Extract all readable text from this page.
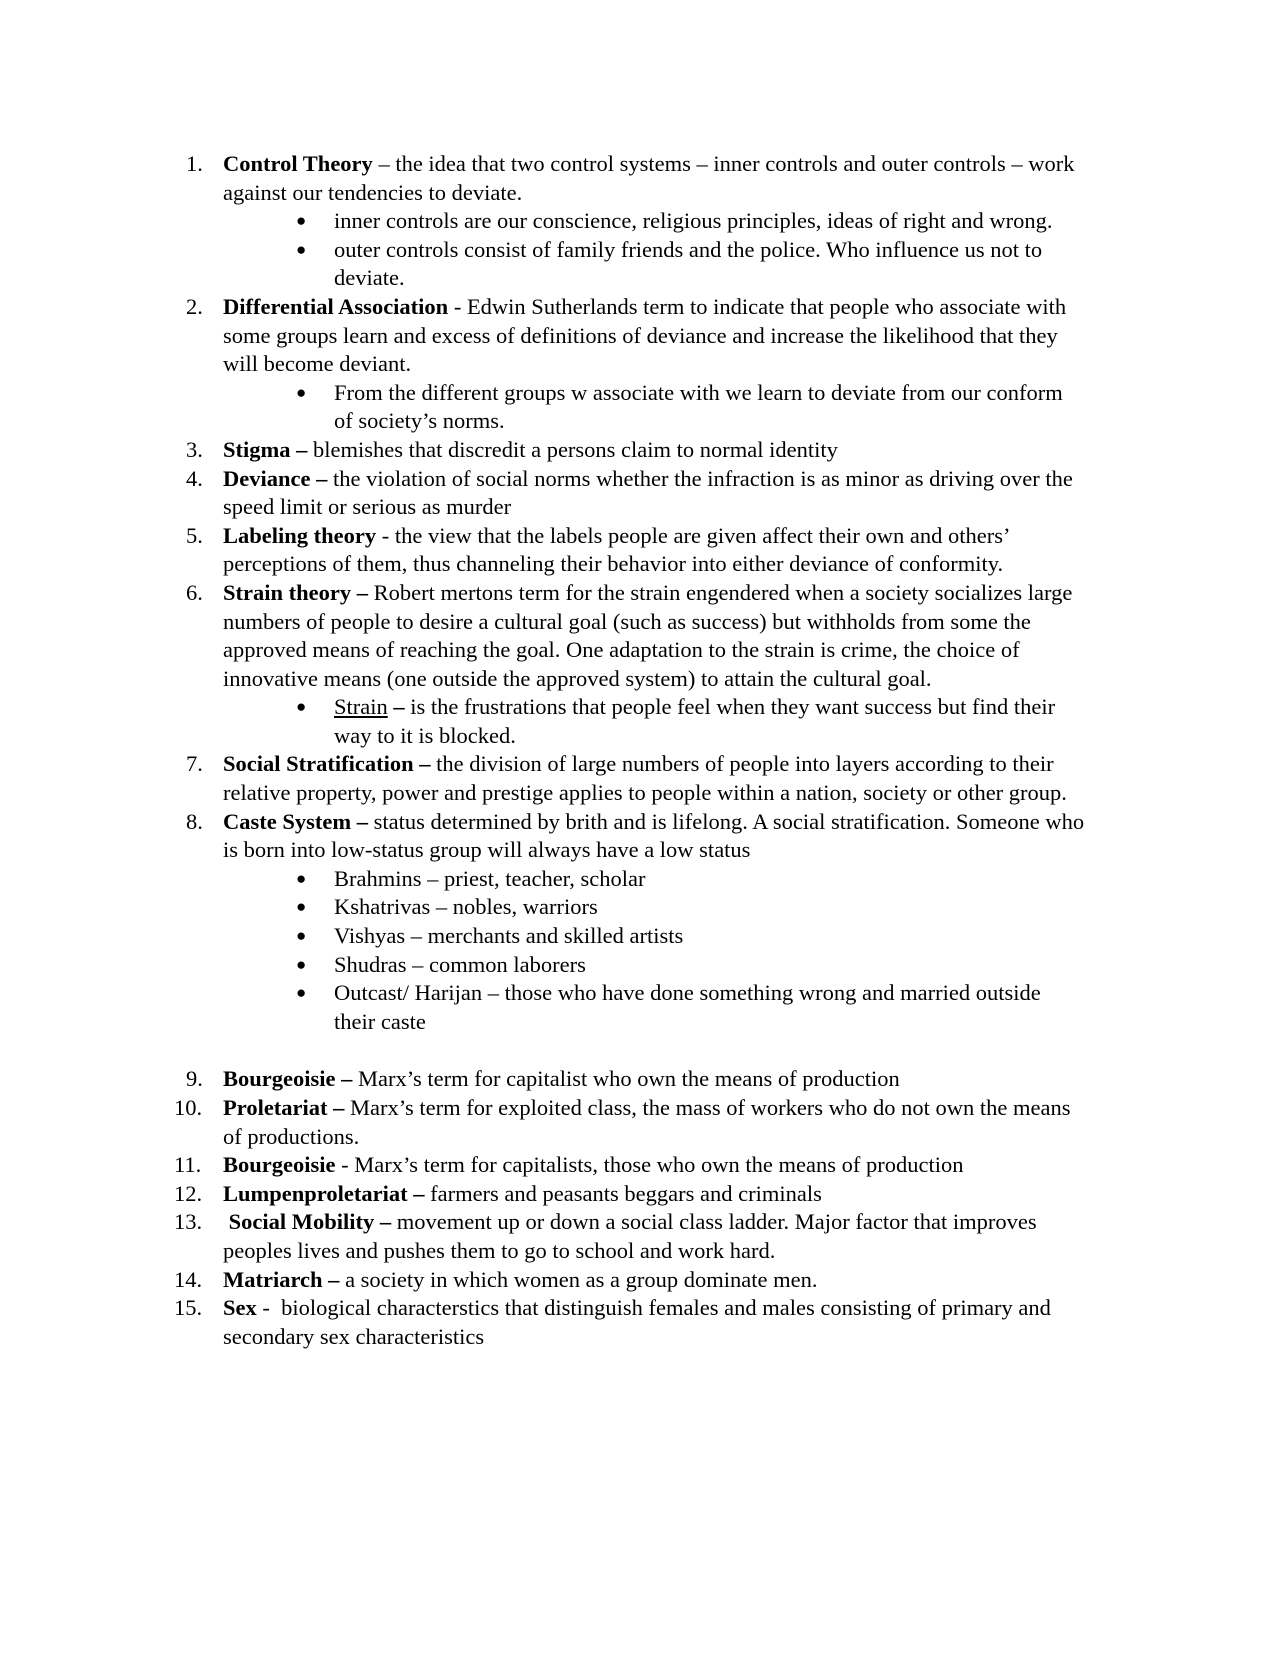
1. Control Theory – the idea that two control systems – inner controls and outer controls – work against our tendencies to deviate.
● inner controls are our conscience, religious principles, ideas of right and wrong.
● outer controls consist of family friends and the police. Who influence us not to deviate.
2. Differential Association - Edwin Sutherlands term to indicate that people who associate with some groups learn and excess of definitions of deviance and increase the likelihood that they will become deviant.
● From the different groups w associate with we learn to deviate from our conform of society’s norms.
3. Stigma – blemishes that discredit a persons claim to normal identity
4. Deviance – the violation of social norms whether the infraction is as minor as driving over the speed limit or serious as murder
5. Labeling theory - the view that the labels people are given affect their own and others’ perceptions of them, thus channeling their behavior into either deviance of conformity.
6. Strain theory – Robert mertons term for the strain engendered when a society socializes large numbers of people to desire a cultural goal (such as success) but withholds from some the approved means of reaching the goal. One adaptation to the strain is crime, the choice of innovative means (one outside the approved system) to attain the cultural goal.
● Strain – is the frustrations that people feel when they want success but find their way to it is blocked.
7. Social Stratification – the division of large numbers of people into layers according to their relative property, power and prestige applies to people within a nation, society or other group.
8. Caste System – status determined by brith and is lifelong. A social stratification. Someone who is born into low-status group will always have a low status
● Brahmins – priest, teacher, scholar
● Kshatrivas – nobles, warriors
● Vishyas – merchants and skilled artists
● Shudras – common laborers
● Outcast/ Harijan – those who have done something wrong and married outside their caste
9. Bourgeoisie – Marx’s term for capitalist who own the means of production
10. Proletariat – Marx’s term for exploited class, the mass of workers who do not own the means of productions.
11. Bourgeoisie - Marx’s term for capitalists, those who own the means of production
12. Lumpenproletariat – farmers and peasants beggars and criminals
13. Social Mobility – movement up or down a social class ladder. Major factor that improves peoples lives and pushes them to go to school and work hard.
14. Matriarch – a society in which women as a group dominate men.
15. Sex -  biological characterstics that distinguish females and males consisting of primary and secondary sex characteristics
